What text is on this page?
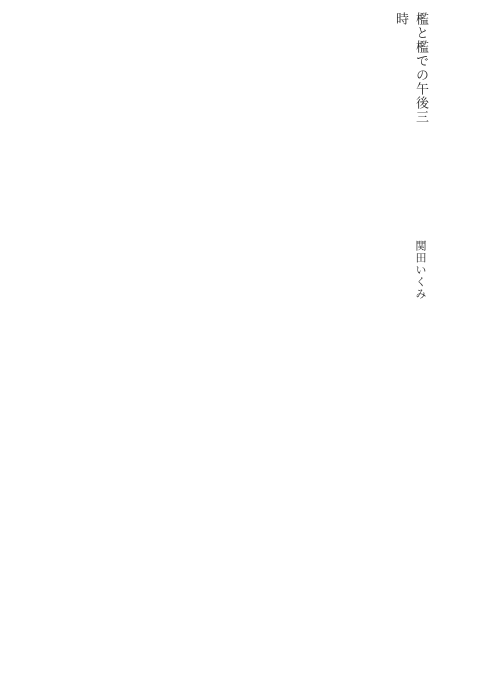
檻と檻での午後三時
関田いくみ
